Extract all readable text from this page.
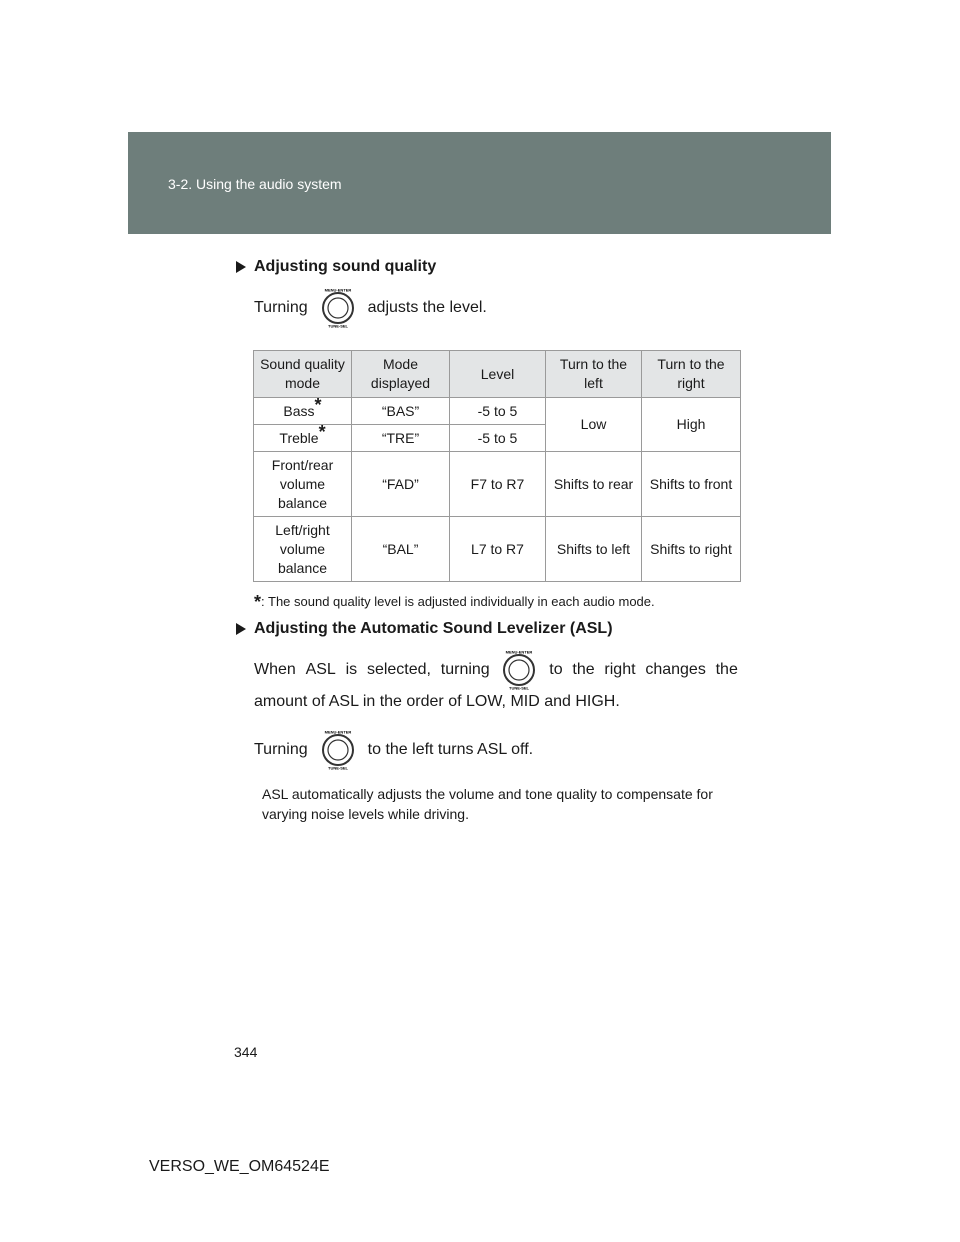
3-2. Using the audio system
Adjusting sound quality
Turning
MENU-ENTER
TUNE-SEL
adjusts the level.
Sound quality mode	Mode displayed	Level	Turn to the left	Turn to the right
Bass*	“BAS”	-5 to 5	Low	High
Treble*	“TRE”	-5 to 5		
Front/rear volume balance	“FAD”	F7 to R7	Shifts to rear	Shifts to front
Left/right volume balance	“BAL”	L7 to R7	Shifts to left	Shifts to right
*: The sound quality level is adjusted individually in each audio mode.
Adjusting the Automatic Sound Levelizer (ASL)
When ASL is selected, turning
MENU-ENTER
TUNE-SEL
to the right changes the
amount of ASL in the order of LOW, MID and HIGH.
Turning
MENU-ENTER
TUNE-SEL
to the left turns ASL off.
ASL automatically adjusts the volume and tone quality to compensate for varying noise levels while driving.
344
VERSO_WE_OM64524E
